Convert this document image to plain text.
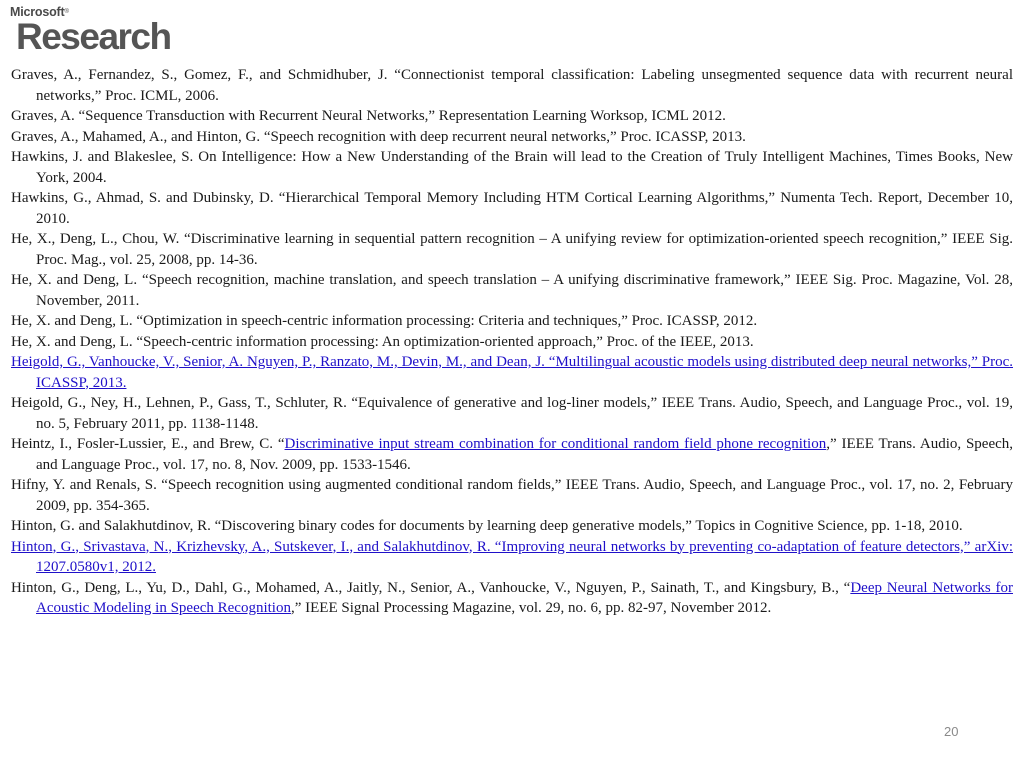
Microsoft®
Research

Graves, A., Fernandez, S., Gomez, F., and Schmidhuber, J. “Connectionist temporal classification: Labeling unsegmented sequence data with recurrent neural networks,” Proc. ICML, 2006.

Graves, A. “Sequence Transduction with Recurrent Neural Networks,” Representation Learning Worksop, ICML 2012.

Graves, A., Mahamed, A., and Hinton, G. “Speech recognition with deep recurrent neural networks,” Proc. ICASSP, 2013.

Hawkins, J. and Blakeslee, S. On Intelligence: How a New Understanding of the Brain will lead to the Creation of Truly Intelligent Machines, Times Books, New York, 2004.

Hawkins, G., Ahmad, S. and Dubinsky, D. “Hierarchical Temporal Memory Including HTM Cortical Learning Algorithms,” Numenta Tech. Report, December 10, 2010.

He, X., Deng, L., Chou, W. “Discriminative learning in sequential pattern recognition – A unifying review for optimization-oriented speech recognition,” IEEE Sig. Proc. Mag., vol. 25, 2008, pp. 14-36.

He, X. and Deng, L. “Speech recognition, machine translation, and speech translation – A unifying discriminative framework,” IEEE Sig. Proc. Magazine, Vol. 28, November, 2011.

He, X. and Deng, L. “Optimization in speech-centric information processing: Criteria and techniques,” Proc. ICASSP, 2012.

He, X. and Deng, L. “Speech-centric information processing: An optimization-oriented approach,” Proc. of the IEEE, 2013.

Heigold, G., Vanhoucke, V., Senior, A. Nguyen, P., Ranzato, M., Devin, M., and Dean, J. “Multilingual acoustic models using distributed deep neural networks,” Proc. ICASSP, 2013.

Heigold, G., Ney, H., Lehnen, P., Gass, T., Schluter, R. “Equivalence of generative and log-liner models,” IEEE Trans. Audio, Speech, and Language Proc., vol. 19, no. 5, February 2011, pp. 1138-1148.

Heintz, I., Fosler-Lussier, E., and Brew, C. “Discriminative input stream combination for conditional random field phone recognition,” IEEE Trans. Audio, Speech, and Language Proc., vol. 17, no. 8, Nov. 2009, pp. 1533-1546.

Hifny, Y. and Renals, S. “Speech recognition using augmented conditional random fields,” IEEE Trans. Audio, Speech, and Language Proc., vol. 17, no. 2, February 2009, pp. 354-365.

Hinton, G. and Salakhutdinov, R. “Discovering binary codes for documents by learning deep generative models,” Topics in Cognitive Science, pp. 1-18, 2010.

Hinton, G., Srivastava, N., Krizhevsky, A., Sutskever, I., and Salakhutdinov, R. “Improving neural networks by preventing co-adaptation of feature detectors,” arXiv: 1207.0580v1, 2012.

Hinton, G., Deng, L., Yu, D., Dahl, G., Mohamed, A., Jaitly, N., Senior, A., Vanhoucke, V., Nguyen, P., Sainath, T., and Kingsbury, B., “Deep Neural Networks for Acoustic Modeling in Speech Recognition,” IEEE Signal Processing Magazine, vol. 29, no. 6, pp. 82-97, November 2012.

20
